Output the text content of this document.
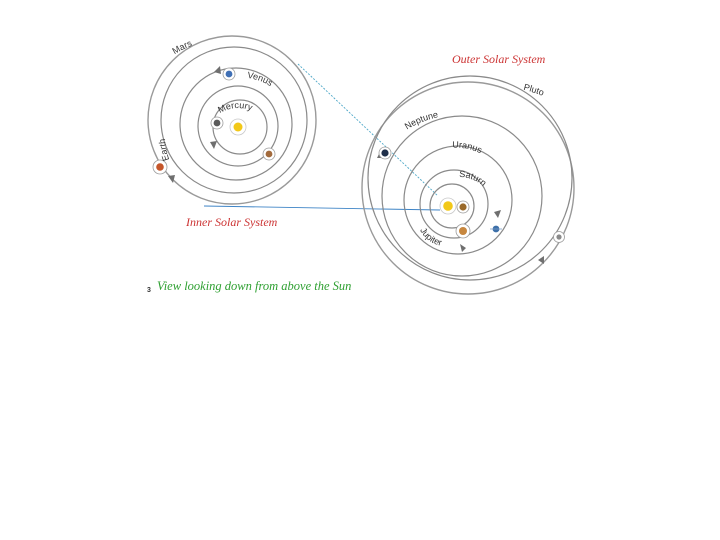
Mercury
Venus
Earth
Mars
Inner Solar System
Jupiter
Saturn
Uranus
Neptune
Pluto
Outer Solar System
3 View looking down from above the Sun
